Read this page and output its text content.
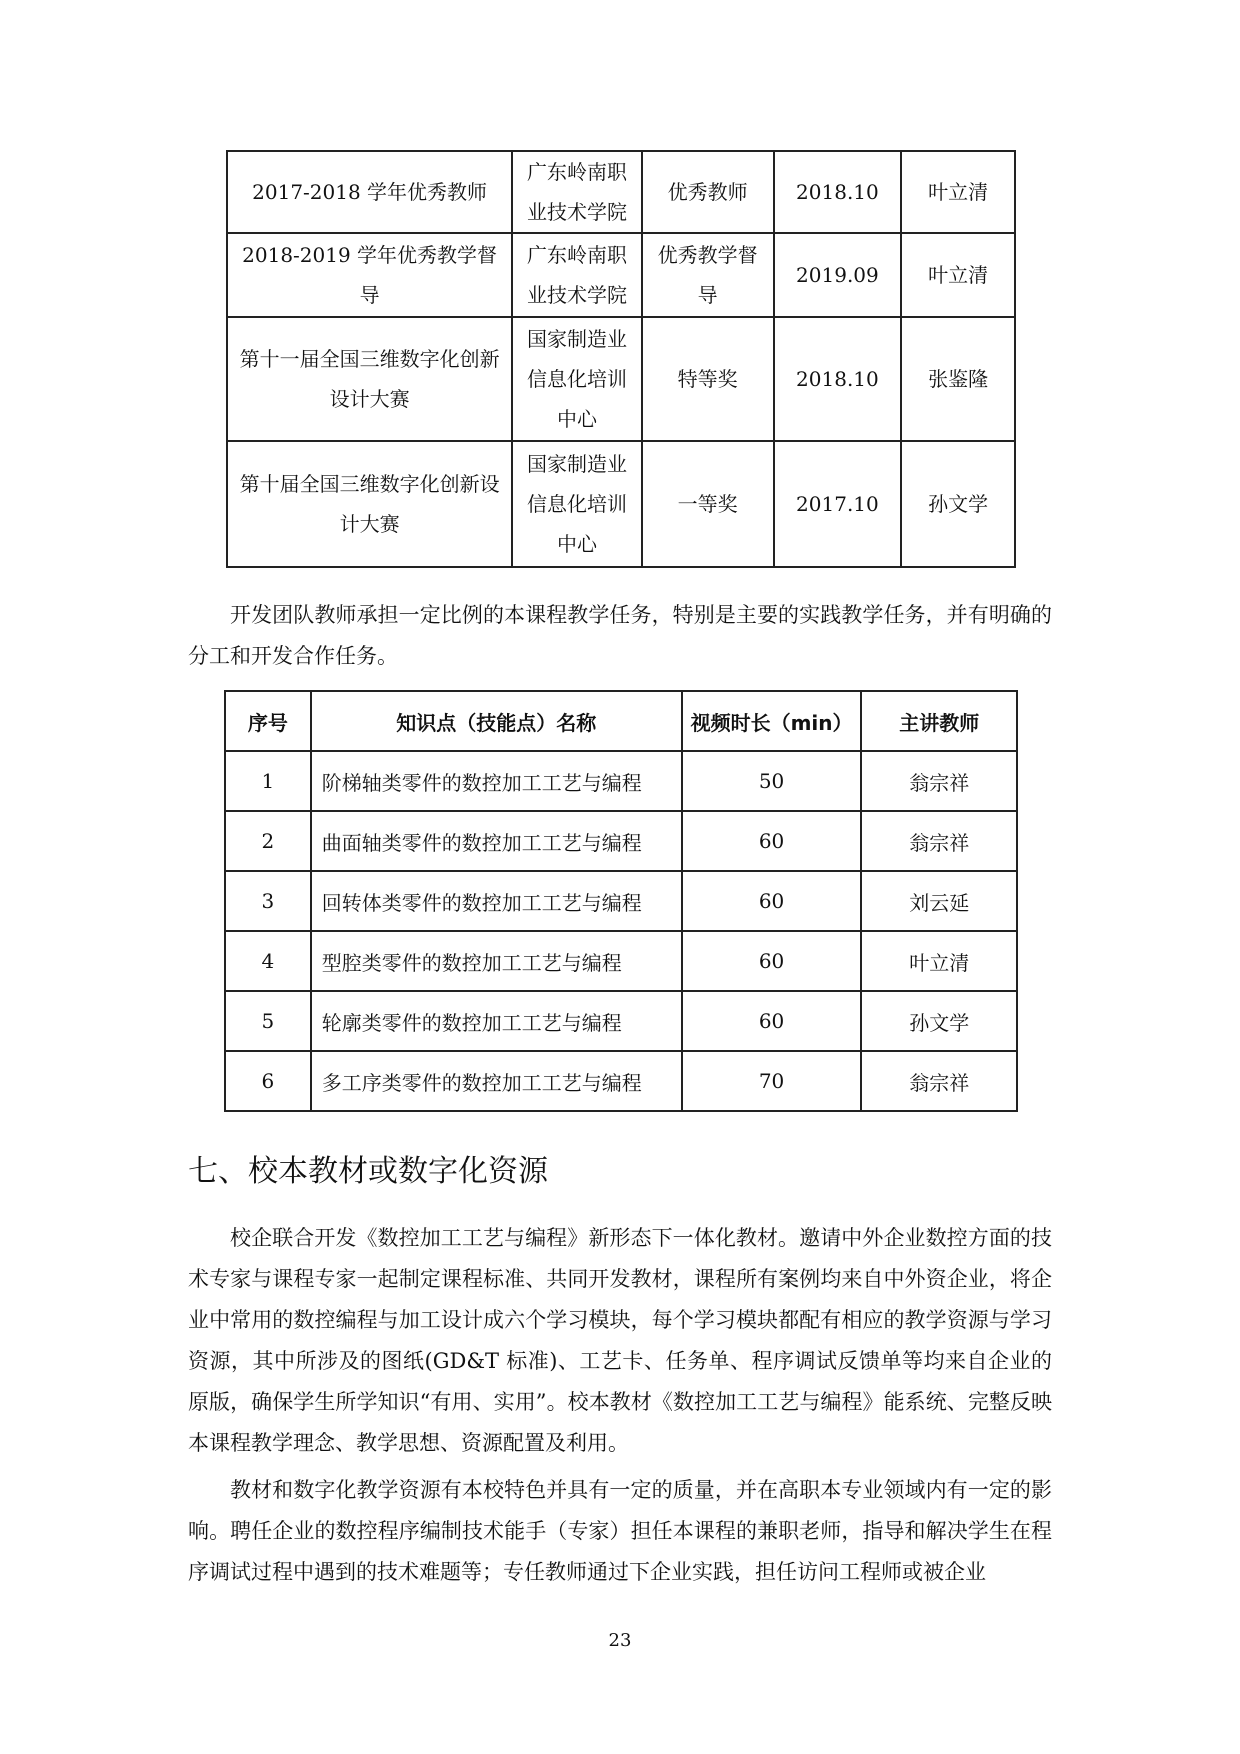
2017-2018 学年优秀教师	广东岭南职业技术学院	优秀教师	2018.10	叶立清
2018-2019 学年优秀教学督导	广东岭南职业技术学院	优秀教学督导	2019.09	叶立清
第十一届全国三维数字化创新设计大赛	国家制造业信息化培训中心	特等奖	2018.10	张鉴隆
第十届全国三维数字化创新设计大赛	国家制造业信息化培训中心	一等奖	2017.10	孙文学

开发团队教师承担一定比例的本课程教学任务，特别是主要的实践教学任务，并有明确的分工和开发合作任务。

序号	知识点（技能点）名称	视频时长（min）	主讲教师
1	阶梯轴类零件的数控加工工艺与编程	50	翁宗祥
2	曲面轴类零件的数控加工工艺与编程	60	翁宗祥
3	回转体类零件的数控加工工艺与编程	60	刘云延
4	型腔类零件的数控加工工艺与编程	60	叶立清
5	轮廓类零件的数控加工工艺与编程	60	孙文学
6	多工序类零件的数控加工工艺与编程	70	翁宗祥
七、校本教材或数字化资源

校企联合开发《数控加工工艺与编程》新形态下一体化教材。邀请中外企业数控方面的技术专家与课程专家一起制定课程标准、共同开发教材，课程所有案例均来自中外资企业，将企业中常用的数控编程与加工设计成六个学习模块，每个学习模块都配有相应的教学资源与学习资源，其中所涉及的图纸(GD&T 标准)、工艺卡、任务单、程序调试反馈单等均来自企业的原版，确保学生所学知识“有用、实用”。校本教材《数控加工工艺与编程》能系统、完整反映本课程教学理念、教学思想、资源配置及利用。

教材和数字化教学资源有本校特色并具有一定的质量，并在高职本专业领域内有一定的影响。聘任企业的数控程序编制技术能手（专家）担任本课程的兼职老师，指导和解决学生在程序调试过程中遇到的技术难题等；专任教师通过下企业实践，担任访问工程师或被企业

23
